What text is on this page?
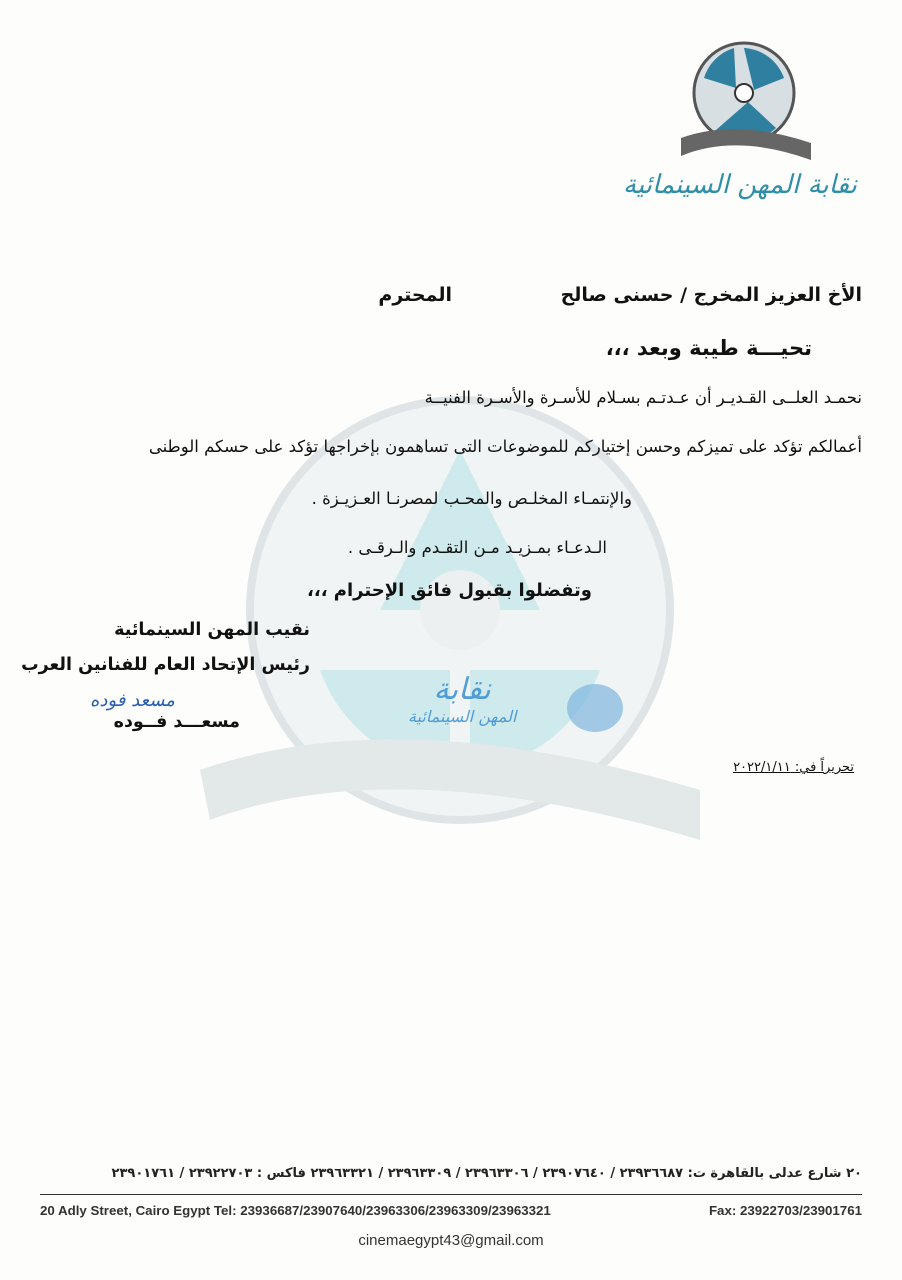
نقابة المهن السينمائية
الأخ العزيز المخرج / حسنى صالح
المحترم
تحيـــة طيبة وبعد ،،،
نحمـد العلــى القـديـر أن عـدتـم بسـلام للأسـرة والأسـرة الفنيــة
أعمالكم تؤكد على تميزكم وحسن إختياركم للموضوعات التى تساهمون بإخراجها تؤكد على حسكم الوطنى
والإنتمـاء المخلـص والمحـب لمصرنـا العـزيـزة .
الـدعـاء بمـزيـد مـن التقـدم والـرقـى .
وتفضلوا بقبول فائق الإحترام ،،،
نقيب المهن السينمائية
رئيس الإتحاد العام للفنانين العرب
مسعد فوده
مسعـــد فــوده
نقابة
المهن السينمائية
تحريراً في: ٢٠٢٢/١/١١
٢٠ شارع عدلى بالقاهرة ت: ٢٣٩٣٦٦٨٧ / ٢٣٩٠٧٦٤٠ / ٢٣٩٦٣٣٠٦ / ٢٣٩٦٣٣٠٩ / ٢٣٩٦٣٣٢١ فاكس : ٢٣٩٢٢٧٠٣ / ٢٣٩٠١٧٦١
20 Adly Street, Cairo Egypt Tel: 23936687/23907640/23963306/23963309/23963321	Fax: 23922703/23901761
cinemaegypt43@gmail.com
